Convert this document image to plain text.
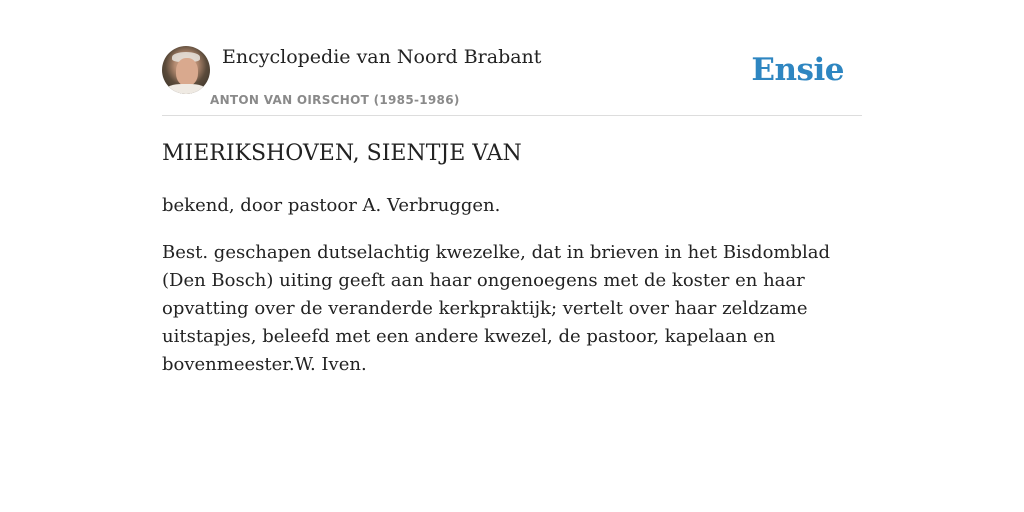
Encyclopedie van Noord Brabant
ANTON VAN OIRSCHOT (1985-1986)
Ensie
MIERIKSHOVEN, SIENTJE VAN

bekend, door pastoor A. Verbruggen.

Best. geschapen dutselachtig kwezelke, dat in brieven in het Bisdomblad (Den Bosch) uiting geeft aan haar ongenoegens met de koster en haar opvatting over de veranderde kerkpraktijk; vertelt over haar zeldzame uitstapjes, beleefd met een andere kwezel, de pastoor, kapelaan en bovenmeester.W. Iven.
